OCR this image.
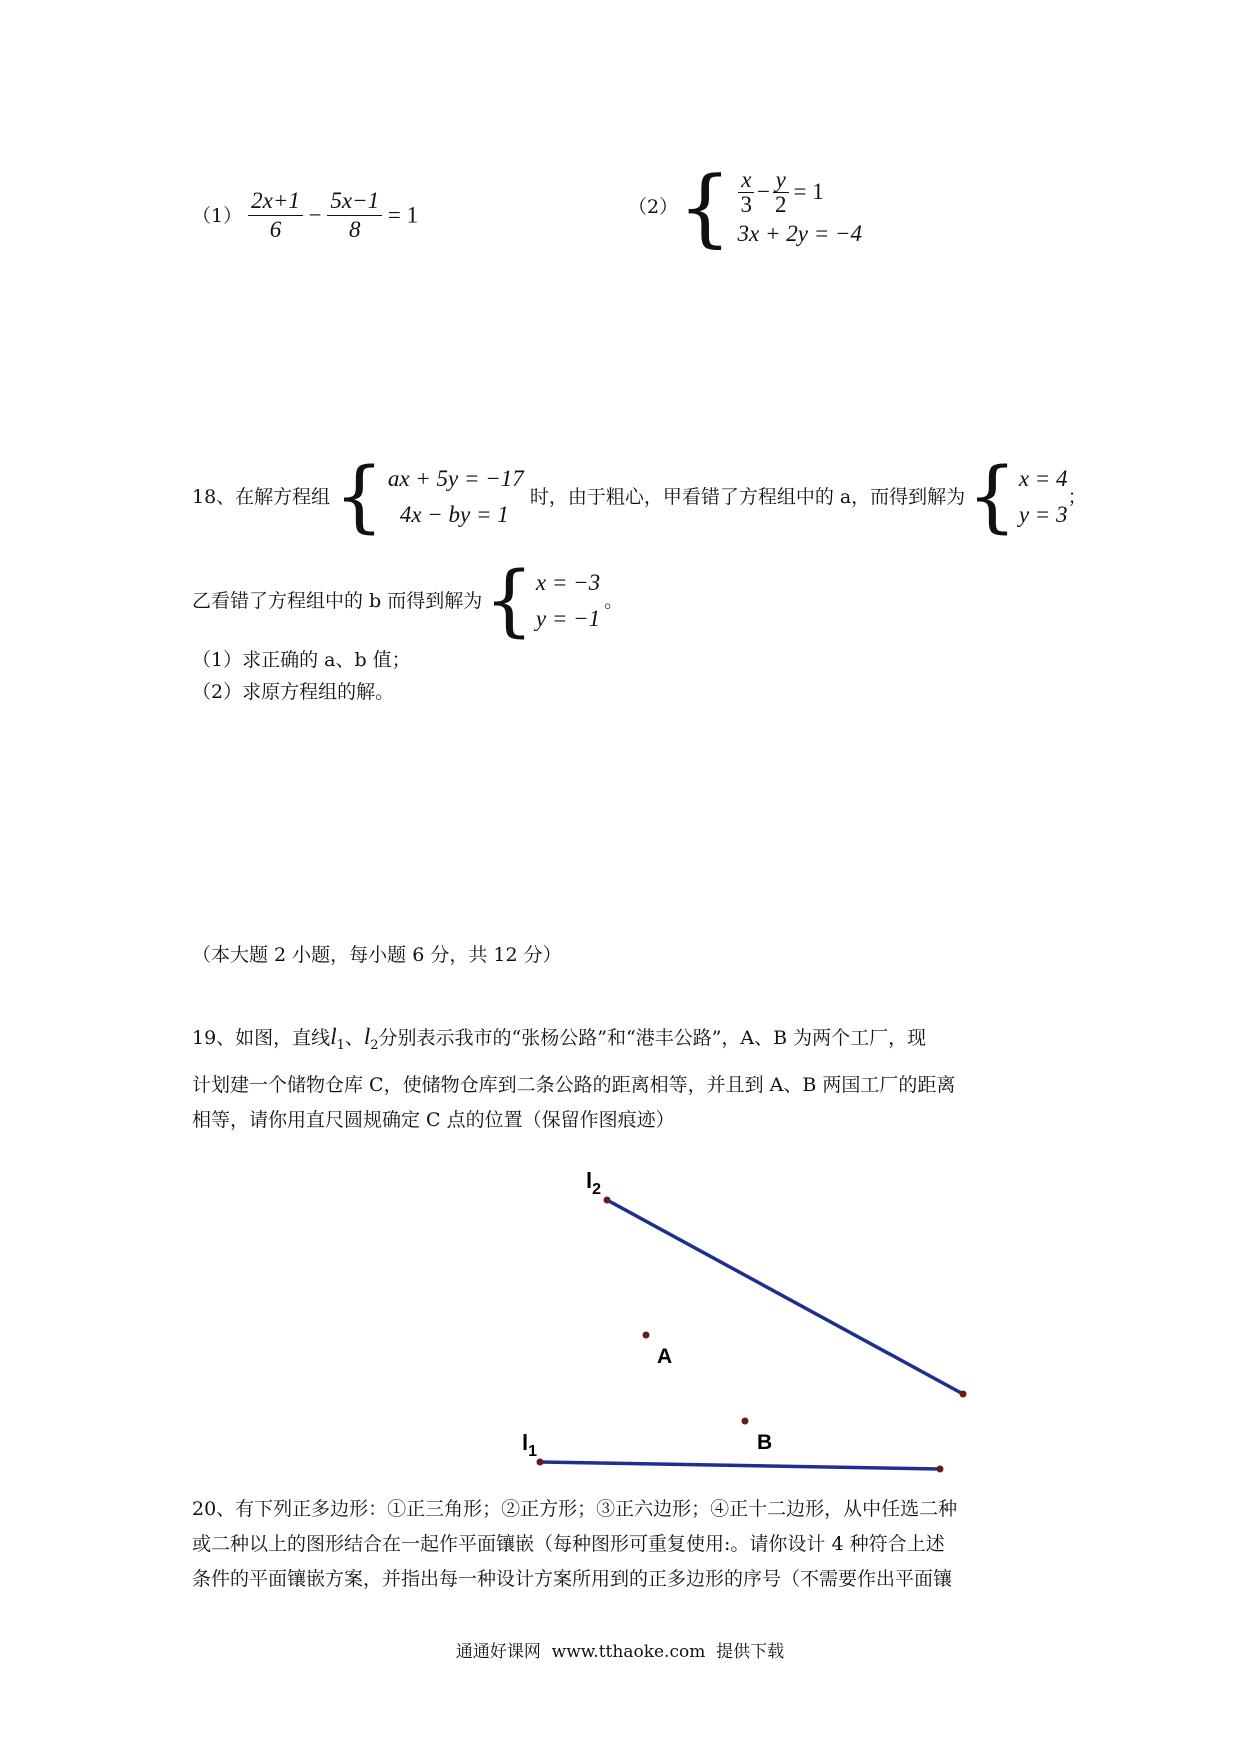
$(1) \frac{2x+1}{6} - \frac{5x-1}{8} = 1$	（2） { $\frac{x}{3} - \frac{y}{2} = 1$
3x + 2y = −4
18、在解方程组 { ax + 5y = −17
4x − by = 1
时，由于粗心，甲看错了方程组中的 a，而得到解为 { x = 4
y = 3
；
乙看错了方程组中的 b 而得到解为 { x = −3
y = −1
。
（1）求正确的 a、b 值；
（2）求原方程组的解。
（本大题 2 小题，每小题 6 分，共 12 分）
19、如图，直线$l_1$、$l_2$分别表示我市的“张杨公路”和“港丰公路”，A、B 为两个工厂，现
计划建一个储物仓库 C，使储物仓库到二条公路的距离相等，并且到 A、B 两国工厂的距离
相等，请你用直尺圆规确定 C 点的位置（保留作图痕迹）
$l_2$
$l_1$
A
B
20、有下列正多边形：①正三角形；②正方形；③正六边形；④正十二边形，从中任选二种
或二种以上的图形结合在一起作平面镶嵌（每种图形可重复使用:。请你设计 4 种符合上述
条件的平面镶嵌方案，并指出每一种设计方案所用到的正多边形的序号（不需要作出平面镶
通通好课网  www.tthaoke.com  提供下载
